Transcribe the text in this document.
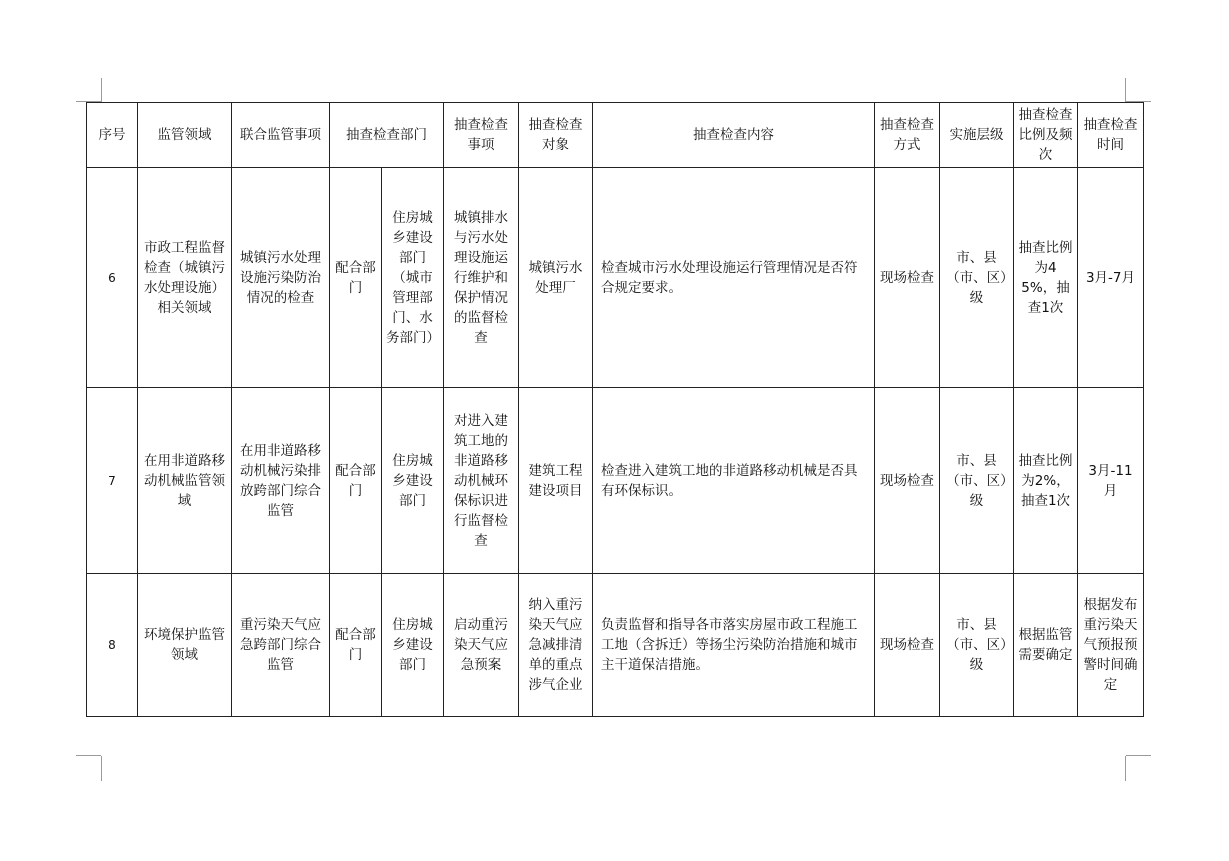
序号	监管领域	联合监管事项	抽查检查部门		抽查检查事项	抽查检查对象	抽查检查内容	抽查检查方式	实施层级	抽查检查比例及频次	抽查检查时间
6	市政工程监督检查（城镇污水处理设施）相关领域	城镇污水处理设施污染防治情况的检查	配合部门	住房城乡建设部门（城市管理部门、水务部门）	城镇排水与污水处理设施运行维护和保护情况的监督检查	城镇污水处理厂	检查城市污水处理设施运行管理情况是否符合规定要求。	现场检查	市、县（市、区）级	抽查比例为45%，抽查1次	3月-7月
7	在用非道路移动机械监管领域	在用非道路移动机械污染排放跨部门综合监管	配合部门	住房城乡建设部门	对进入建筑工地的非道路移动机械环保标识进行监督检查	建筑工程建设项目	检查进入建筑工地的非道路移动机械是否具有环保标识。	现场检查	市、县（市、区）级	抽查比例为2%，抽查1次	3月-11月
8	环境保护监管领域	重污染天气应急跨部门综合监管	配合部门	住房城乡建设部门	启动重污染天气应急预案	纳入重污染天气应急减排清单的重点涉气企业	负责监督和指导各市落实房屋市政工程施工工地（含拆迁）等扬尘污染防治措施和城市主干道保洁措施。	现场检查	市、县（市、区）级	根据监管需要确定	根据发布重污染天气预报预警时间确定
